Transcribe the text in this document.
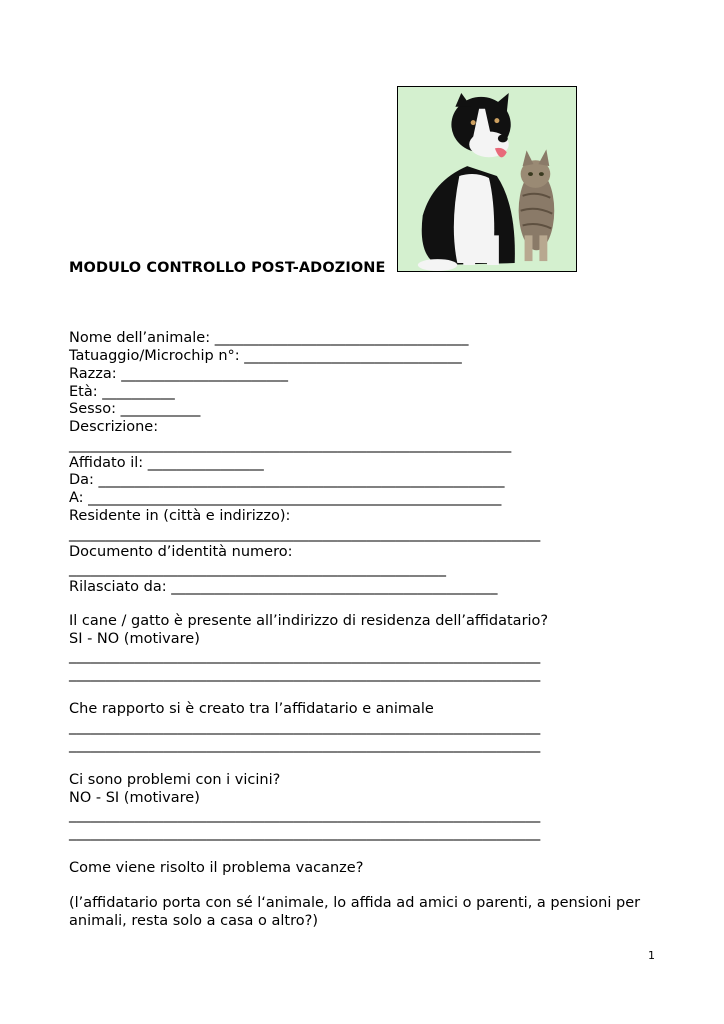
MODULO CONTROLLO POST-ADOZIONE
Nome dell’animale: ___________________________________
Tatuaggio/Microchip n°: ______________________________
Razza: _______________________
Età: __________
Sesso: ___________
Descrizione:
_____________________________________________________________
Affidato il: ________________
Da: ________________________________________________________
A: _________________________________________________________
Residente in (città e indirizzo):
_________________________________________________________________
Documento d’identità numero:
____________________________________________________
Rilasciato da: _____________________________________________
Il cane / gatto è presente all’indirizzo di residenza dell’affidatario?
SI - NO (motivare)
_________________________________________________________________
_________________________________________________________________
Che rapporto si è creato tra l’affidatario e animale
_________________________________________________________________
_________________________________________________________________
Ci sono problemi con i vicini?
NO - SI (motivare)
_________________________________________________________________
_________________________________________________________________
Come viene risolto il problema vacanze?
(l’affidatario porta con sé l‘animale, lo affida ad amici o parenti, a pensioni per
animali, resta solo a casa o altro?)
1
